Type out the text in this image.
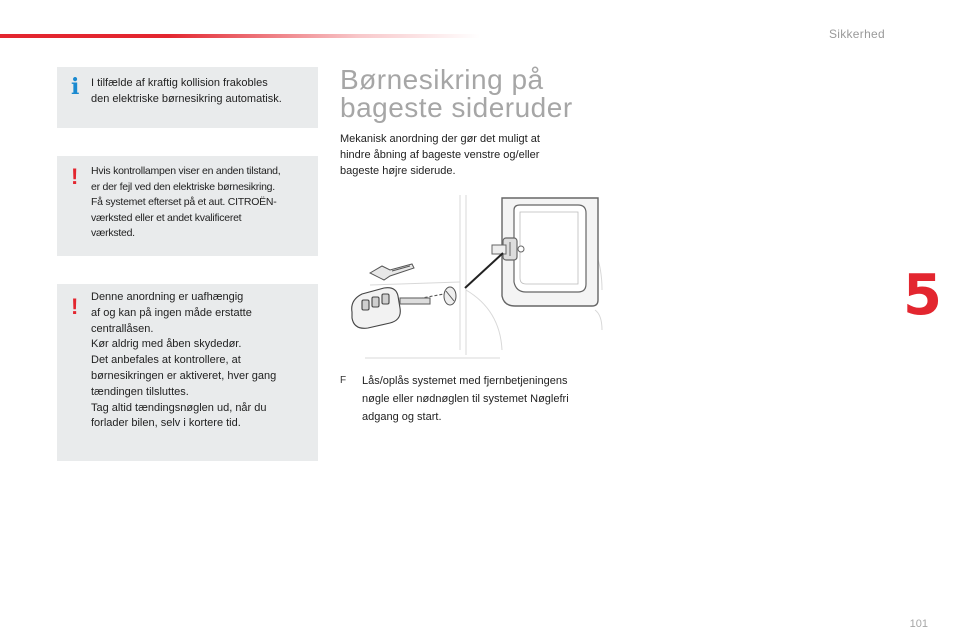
Sikkerhed
5
i I tilfælde af kraftig kollision frakobles
den elektriske børnesikring automatisk.
! Hvis kontrollampen viser en anden tilstand,
er der fejl ved den elektriske børnesikring.
Få systemet efterset på et aut. CITROËN-
værksted eller et andet kvalificeret
værksted.
! Denne anordning er uafhængig
af og kan på ingen måde erstatte
centrallåsen.
Kør aldrig med åben skydedør.
Det anbefales at kontrollere, at
børnesikringen er aktiveret, hver gang
tændingen tilsluttes.
Tag altid tændingsnøglen ud, når du
forlader bilen, selv i kortere tid.
Børnesikring på
bageste sideruder
Mekanisk anordning der gør det muligt at
hindre åbning af bageste venstre og/eller
bageste højre siderude.
F Lås/oplås systemet med fjernbetjeningens
nøgle eller nødnøglen til systemet Nøglefri
adgang og start.
101
